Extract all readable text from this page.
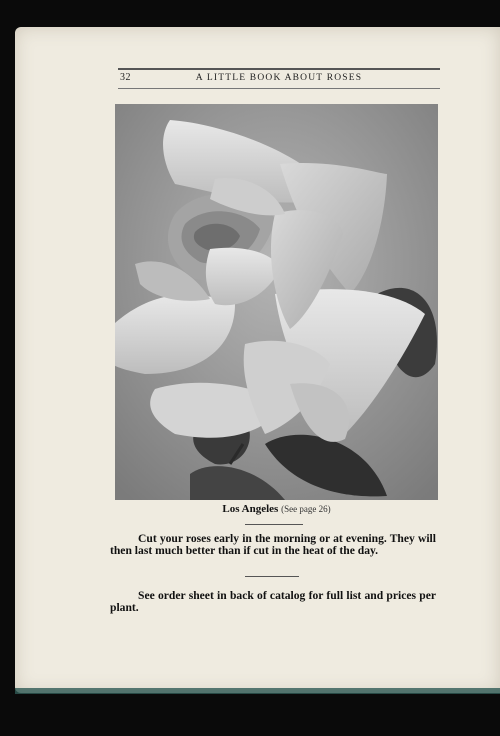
32	A LITTLE BOOK ABOUT ROSES
Los Angeles (See page 26)
Cut your roses early in the morning or at evening. They will then last much better than if cut in the heat of the day.
See order sheet in back of catalog for full list and prices per plant.
